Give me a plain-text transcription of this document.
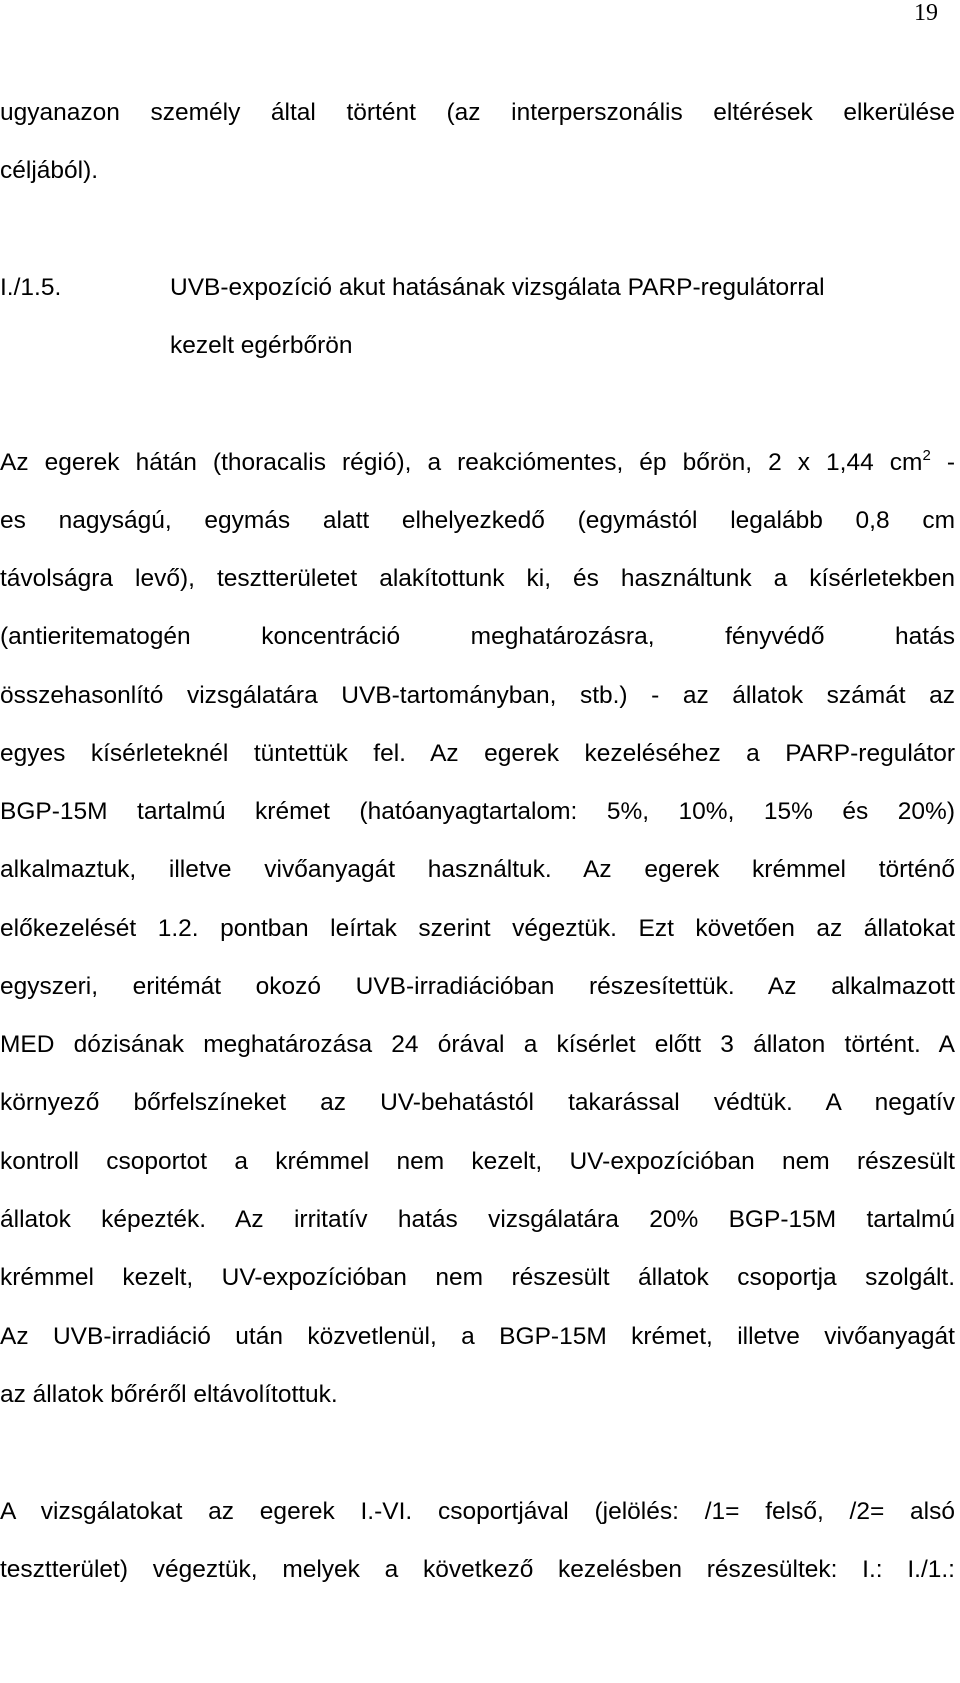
19
ugyanazon személy által történt (az interperszonális eltérések elkerülése
céljából).
I./1.5.	UVB-expozíció akut hatásának vizsgálata PARP-regulátorral
kezelt egérbőrön
Az egerek hátán (thoracalis régió), a reakciómentes, ép bőrön, 2 x 1,44 $cm^2$ -
es nagyságú, egymás alatt elhelyezkedő (egymástól legalább 0,8 cm
távolságra levő), tesztterületet alakítottunk ki, és használtunk a kísérletekben
(antieritematogén koncentráció meghatározásra, fényvédő hatás
összehasonlító vizsgálatára UVB-tartományban, stb.) - az állatok számát az
egyes kísérleteknél tüntettük fel. Az egerek kezeléséhez a PARP-regulátor
BGP-15M tartalmú krémet (hatóanyagtartalom: 5%, 10%, 15% és 20%)
alkalmaztuk, illetve vivőanyagát használtuk. Az egerek krémmel történő
előkezelését 1.2. pontban leírtak szerint végeztük. Ezt követően az állatokat
egyszeri, eritémát okozó UVB-irradiációban részesítettük. Az alkalmazott
MED dózisának meghatározása 24 órával a kísérlet előtt 3 állaton történt. A
környező bőrfelszíneket az UV-behatástól takarással védtük. A negatív
kontroll csoportot a krémmel nem kezelt, UV-expozícióban nem részesült
állatok képezték. Az irritatív hatás vizsgálatára 20% BGP-15M tartalmú
krémmel kezelt, UV-expozícióban nem részesült állatok csoportja szolgált.
Az UVB-irradiáció után közvetlenül, a BGP-15M krémet, illetve vivőanyagát
az állatok bőréről eltávolítottuk.
A vizsgálatokat az egerek I.-VI. csoportjával (jelölés: /1= felső, /2= alsó
tesztterület) végeztük, melyek a következő kezelésben részesültek: I.: I./1.:
